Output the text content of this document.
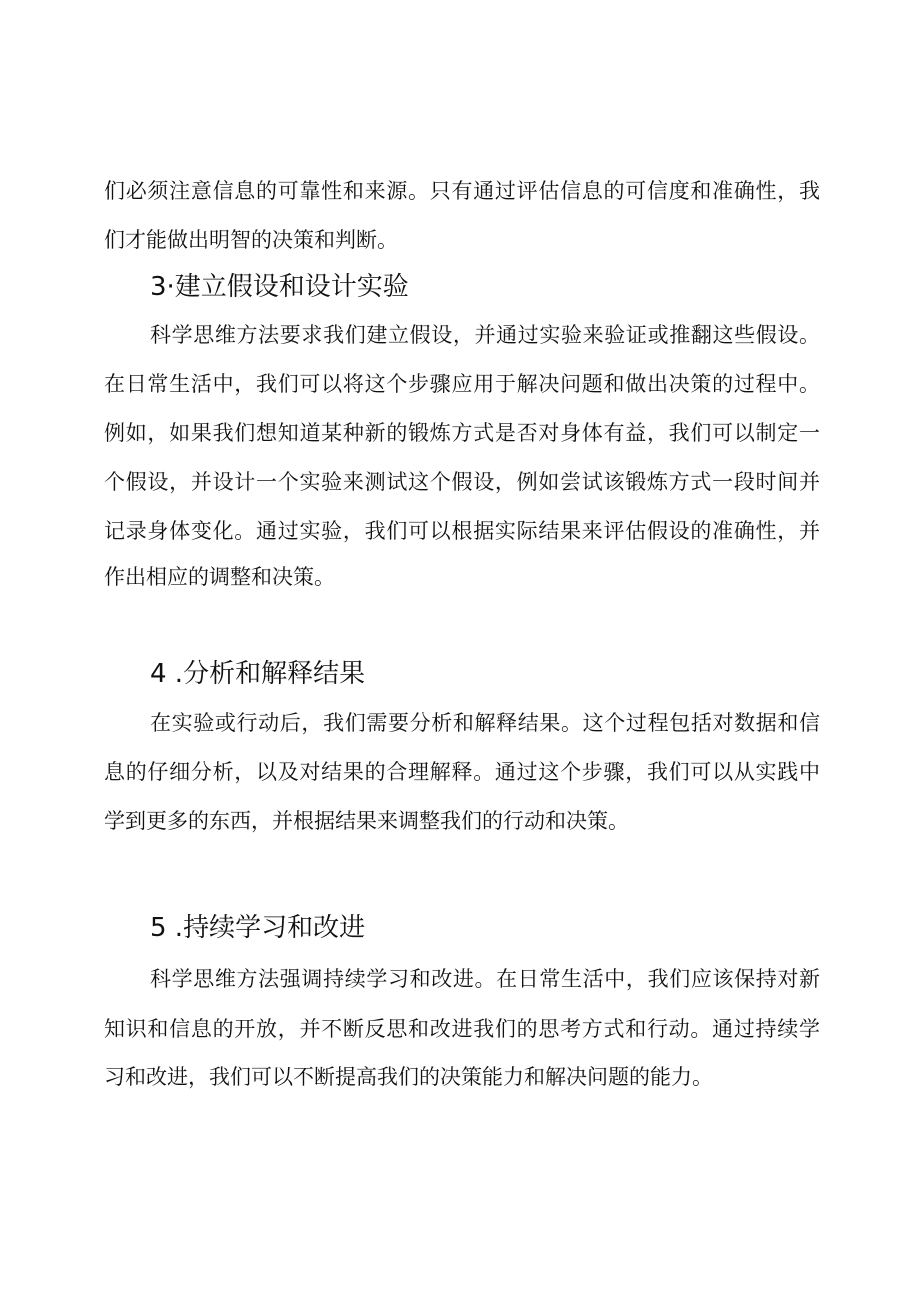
们必须注意信息的可靠性和来源。只有通过评估信息的可信度和准确性，我
们才能做出明智的决策和判断。
3·建立假设和设计实验
科学思维方法要求我们建立假设，并通过实验来验证或推翻这些假设。
在日常生活中，我们可以将这个步骤应用于解决问题和做出决策的过程中。
例如，如果我们想知道某种新的锻炼方式是否对身体有益，我们可以制定一
个假设，并设计一个实验来测试这个假设，例如尝试该锻炼方式一段时间并
记录身体变化。通过实验，我们可以根据实际结果来评估假设的准确性，并
作出相应的调整和决策。
4 .分析和解释结果
在实验或行动后，我们需要分析和解释结果。这个过程包括对数据和信
息的仔细分析，以及对结果的合理解释。通过这个步骤，我们可以从实践中
学到更多的东西，并根据结果来调整我们的行动和决策。
5 .持续学习和改进
科学思维方法强调持续学习和改进。在日常生活中，我们应该保持对新
知识和信息的开放，并不断反思和改进我们的思考方式和行动。通过持续学
习和改进，我们可以不断提高我们的决策能力和解决问题的能力。
